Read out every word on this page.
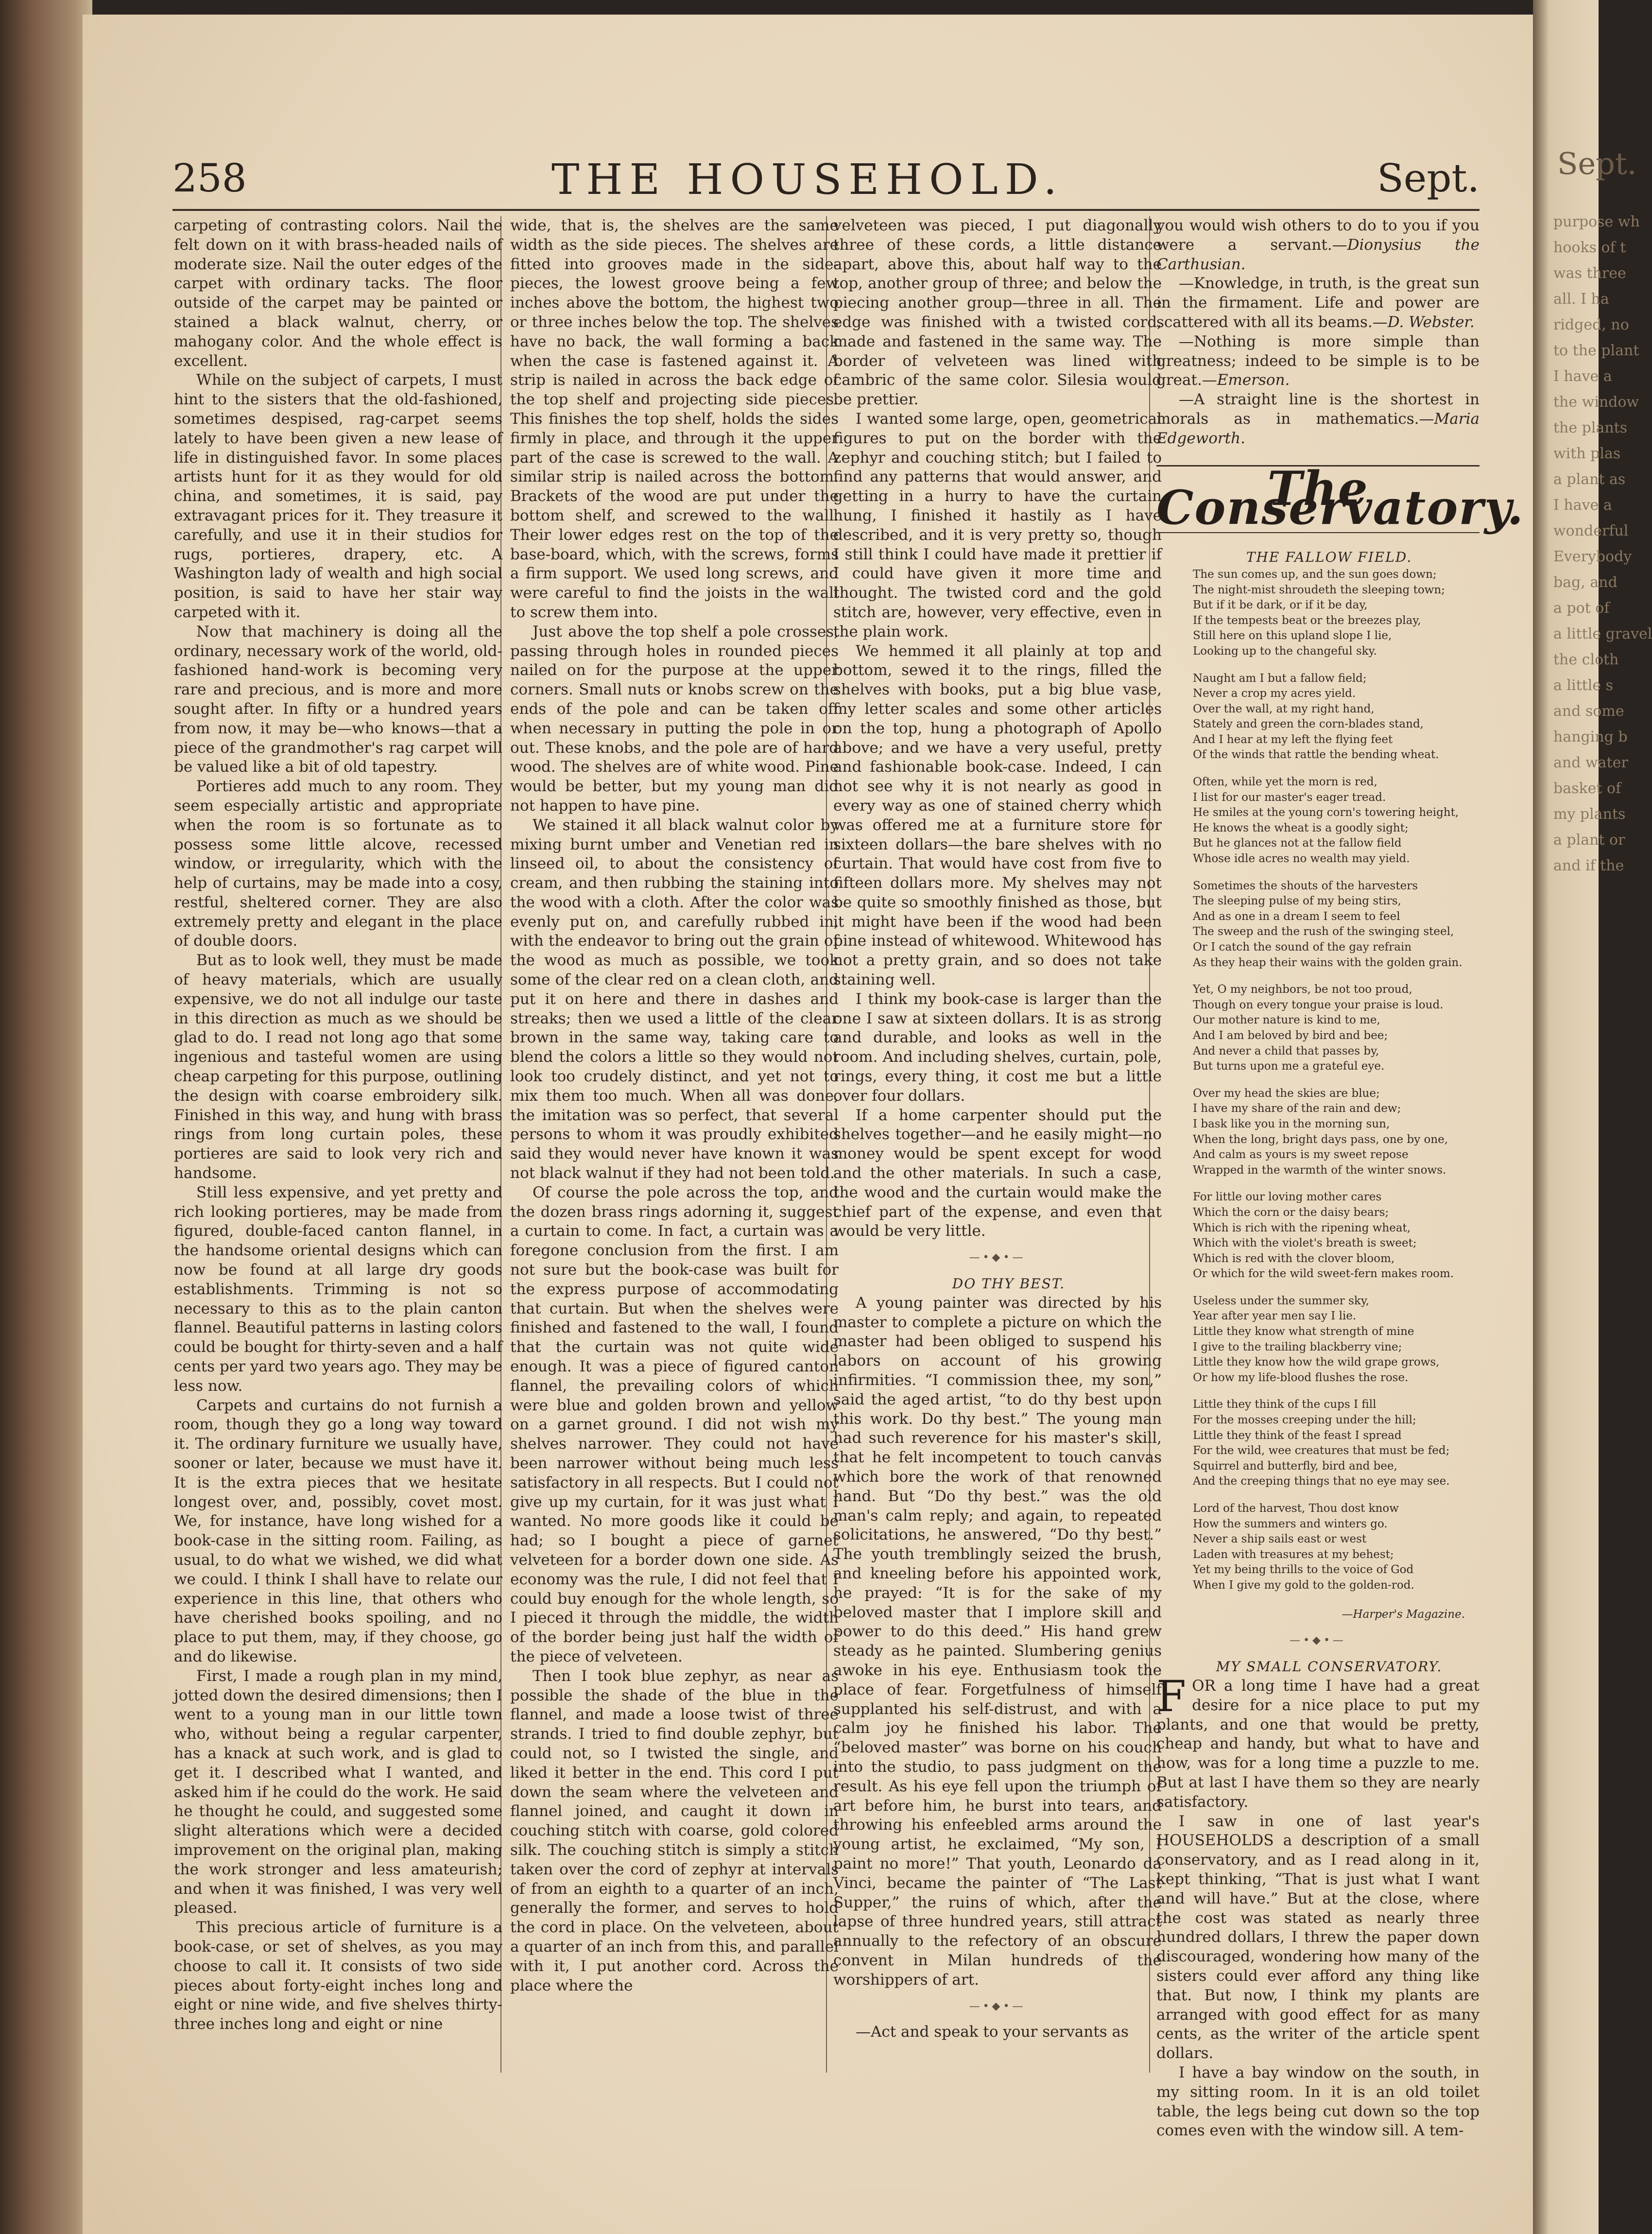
Sept.
purpose wh
hooks of t
was three
all. I ha
ridged, no
to the plant
I have a
the window
the plants
with plas
a plant as
I have a
wonderful
Everybody
bag, and
a pot of
a little gravel
the cloth
a little s
and some
hanging b
and water
basket of
my plants
a plant or
and if the
258	THE HOUSEHOLD.	Sept.

carpeting of contrasting colors. Nail the felt down on it with brass-headed nails of moderate size. Nail the outer edges of the carpet with ordinary tacks. The floor outside of the carpet may be painted or stained a black walnut, cherry, or mahogany color. And the whole effect is excellent.

While on the subject of carpets, I must hint to the sisters that the old-fashioned, sometimes despised, rag-carpet seems lately to have been given a new lease of life in distinguished favor. In some places artists hunt for it as they would for old china, and sometimes, it is said, pay extravagant prices for it. They treasure it carefully, and use it in their studios for rugs, portieres, drapery, etc. A Washington lady of wealth and high social position, is said to have her stair way carpeted with it.

Now that machinery is doing all the ordinary, necessary work of the world, old-fashioned hand-work is becoming very rare and precious, and is more and more sought after. In fifty or a hundred years from now, it may be—who knows—that a piece of the grandmother's rag carpet will be valued like a bit of old tapestry.

Portieres add much to any room. They seem especially artistic and appropriate when the room is so fortunate as to possess some little alcove, recessed window, or irregularity, which with the help of curtains, may be made into a cosy, restful, sheltered corner. They are also extremely pretty and elegant in the place of double doors.

But as to look well, they must be made of heavy materials, which are usually expensive, we do not all indulge our taste in this direction as much as we should be glad to do. I read not long ago that some ingenious and tasteful women are using cheap carpeting for this purpose, outlining the design with coarse embroidery silk. Finished in this way, and hung with brass rings from long curtain poles, these portieres are said to look very rich and handsome.

Still less expensive, and yet pretty and rich looking portieres, may be made from figured, double-faced canton flannel, in the handsome oriental designs which can now be found at all large dry goods establishments. Trimming is not so necessary to this as to the plain canton flannel. Beautiful patterns in lasting colors could be bought for thirty-seven and a half cents per yard two years ago. They may be less now.

Carpets and curtains do not furnish a room, though they go a long way toward it. The ordinary furniture we usually have, sooner or later, because we must have it. It is the extra pieces that we hesitate longest over, and, possibly, covet most. We, for instance, have long wished for a book-case in the sitting room. Failing, as usual, to do what we wished, we did what we could. I think I shall have to relate our experience in this line, that others who have cherished books spoiling, and no place to put them, may, if they choose, go and do likewise.

First, I made a rough plan in my mind, jotted down the desired dimensions; then I went to a young man in our little town who, without being a regular carpenter, has a knack at such work, and is glad to get it. I described what I wanted, and asked him if he could do the work. He said he thought he could, and suggested some slight alterations which were a decided improvement on the original plan, making the work stronger and less amateurish; and when it was finished, I was very well pleased.

This precious article of furniture is a book-case, or set of shelves, as you may choose to call it. It consists of two side pieces about forty-eight inches long and eight or nine wide, and five shelves thirty-three inches long and eight or nine

wide, that is, the shelves are the same width as the side pieces. The shelves are fitted into grooves made in the side-pieces, the lowest groove being a few inches above the bottom, the highest two or three inches below the top. The shelves have no back, the wall forming a back when the case is fastened against it. A strip is nailed in across the back edge of the top shelf and projecting side pieces. This finishes the top shelf, holds the sides firmly in place, and through it the upper part of the case is screwed to the wall. A similar strip is nailed across the bottom. Brackets of the wood are put under the bottom shelf, and screwed to the wall. Their lower edges rest on the top of the base-board, which, with the screws, forms a firm support. We used long screws, and were careful to find the joists in the wall to screw them into.

Just above the top shelf a pole crosses, passing through holes in rounded pieces nailed on for the purpose at the upper corners. Small nuts or knobs screw on the ends of the pole and can be taken off when necessary in putting the pole in or out. These knobs, and the pole are of hard wood. The shelves are of white wood. Pine would be better, but my young man did not happen to have pine.

We stained it all black walnut color by mixing burnt umber and Venetian red in linseed oil, to about the consistency of cream, and then rubbing the staining into the wood with a cloth. After the color was evenly put on, and carefully rubbed in, with the endeavor to bring out the grain of the wood as much as possible, we took some of the clear red on a clean cloth, and put it on here and there in dashes and streaks; then we used a little of the clear brown in the same way, taking care to blend the colors a little so they would not look too crudely distinct, and yet not to mix them too much. When all was done, the imitation was so perfect, that several persons to whom it was proudly exhibited said they would never have known it was not black walnut if they had not been told.

Of course the pole across the top, and the dozen brass rings adorning it, suggest a curtain to come. In fact, a curtain was a foregone conclusion from the first. I am not sure but the book-case was built for the express purpose of accommodating that curtain. But when the shelves were finished and fastened to the wall, I found that the curtain was not quite wide enough. It was a piece of figured canton flannel, the prevailing colors of which were blue and golden brown and yellow on a garnet ground. I did not wish my shelves narrower. They could not have been narrower without being much less satisfactory in all respects. But I could not give up my curtain, for it was just what I wanted. No more goods like it could be had; so I bought a piece of garnet velveteen for a border down one side. As economy was the rule, I did not feel that I could buy enough for the whole length, so I pieced it through the middle, the width of the border being just half the width of the piece of velveteen.

Then I took blue zephyr, as near as possible the shade of the blue in the flannel, and made a loose twist of three strands. I tried to find double zephyr, but could not, so I twisted the single, and liked it better in the end. This cord I put down the seam where the velveteen and flannel joined, and caught it down in couching stitch with coarse, gold colored silk. The couching stitch is simply a stitch taken over the cord of zephyr at intervals of from an eighth to a quarter of an inch, generally the former, and serves to hold the cord in place. On the velveteen, about a quarter of an inch from this, and parallel with it, I put another cord. Across the place where the

velveteen was pieced, I put diagonally three of these cords, a little distance apart, above this, about half way to the top, another group of three; and below the piecing another group—three in all. The edge was finished with a twisted cord, made and fastened in the same way. The border of velveteen was lined with cambric of the same color. Silesia would be prettier.

I wanted some large, open, geometrical figures to put on the border with the zephyr and couching stitch; but I failed to find any patterns that would answer, and getting in a hurry to have the curtain hung, I finished it hastily as I have described, and it is very pretty so, though I still think I could have made it prettier if I could have given it more time and thought. The twisted cord and the gold stitch are, however, very effective, even in the plain work.

We hemmed it all plainly at top and bottom, sewed it to the rings, filled the shelves with books, put a big blue vase, my letter scales and some other articles on the top, hung a photograph of Apollo above; and we have a very useful, pretty and fashionable book-case. Indeed, I can not see why it is not nearly as good in every way as one of stained cherry which was offered me at a furniture store for sixteen dollars—the bare shelves with no curtain. That would have cost from five to fifteen dollars more. My shelves may not be quite so smoothly finished as those, but it might have been if the wood had been pine instead of whitewood. Whitewood has not a pretty grain, and so does not take staining well.

I think my book-case is larger than the one I saw at sixteen dollars. It is as strong and durable, and looks as well in the room. And including shelves, curtain, pole, rings, every thing, it cost me but a little over four dollars.

If a home carpenter should put the shelves together—and he easily might—no money would be spent except for wood and the other materials. In such a case, the wood and the curtain would make the chief part of the expense, and even that would be very little.

—•◆•—

DO THY BEST.

A young painter was directed by his master to complete a picture on which the master had been obliged to suspend his labors on account of his growing infirmities. “I commission thee, my son,” said the aged artist, “to do thy best upon this work. Do thy best.” The young man had such reverence for his master's skill, that he felt incompetent to touch canvas which bore the work of that renowned hand. But “Do thy best.” was the old man's calm reply; and again, to repeated solicitations, he answered, “Do thy best.” The youth tremblingly seized the brush, and kneeling before his appointed work, he prayed: “It is for the sake of my beloved master that I implore skill and power to do this deed.” His hand grew steady as he painted. Slumbering genius awoke in his eye. Enthusiasm took the place of fear. Forgetfulness of himself supplanted his self-distrust, and with a calm joy he finished his labor. The “beloved master” was borne on his couch into the studio, to pass judgment on the result. As his eye fell upon the triumph of art before him, he burst into tears, and throwing his enfeebled arms around the young artist, he exclaimed, “My son, I paint no more!” That youth, Leonardo da Vinci, became the painter of “The Last Supper,” the ruins of which, after the lapse of three hundred years, still attract annually to the refectory of an obscure convent in Milan hundreds of the worshippers of art.

—•◆•—

—Act and speak to your servants as

you would wish others to do to you if you were a servant.—Dionysius the Carthusian.

—Knowledge, in truth, is the great sun in the firmament. Life and power are scattered with all its beams.—D. Webster.

—Nothing is more simple than greatness; indeed to be simple is to be great.—Emerson.

—A straight line is the shortest in morals as in mathematics.—Maria Edgeworth.

The Conservatory.

THE FALLOW FIELD.

The sun comes up, and the sun goes down;
The night-mist shroudeth the sleeping town;
But if it be dark, or if it be day,
If the tempests beat or the breezes play,
Still here on this upland slope I lie,
Looking up to the changeful sky.
Naught am I but a fallow field;
Never a crop my acres yield.
Over the wall, at my right hand,
Stately and green the corn-blades stand,
And I hear at my left the flying feet
Of the winds that rattle the bending wheat.
Often, while yet the morn is red,
I list for our master's eager tread.
He smiles at the young corn's towering height,
He knows the wheat is a goodly sight;
But he glances not at the fallow field
Whose idle acres no wealth may yield.
Sometimes the shouts of the harvesters
The sleeping pulse of my being stirs,
And as one in a dream I seem to feel
The sweep and the rush of the swinging steel,
Or I catch the sound of the gay refrain
As they heap their wains with the golden grain.
Yet, O my neighbors, be not too proud,
Though on every tongue your praise is loud.
Our mother nature is kind to me,
And I am beloved by bird and bee;
And never a child that passes by,
But turns upon me a grateful eye.
Over my head the skies are blue;
I have my share of the rain and dew;
I bask like you in the morning sun,
When the long, bright days pass, one by one,
And calm as yours is my sweet repose
Wrapped in the warmth of the winter snows.
For little our loving mother cares
Which the corn or the daisy bears;
Which is rich with the ripening wheat,
Which with the violet's breath is sweet;
Which is red with the clover bloom,
Or which for the wild sweet-fern makes room.
Useless under the summer sky,
Year after year men say I lie.
Little they know what strength of mine
I give to the trailing blackberry vine;
Little they know how the wild grape grows,
Or how my life-blood flushes the rose.
Little they think of the cups I fill
For the mosses creeping under the hill;
Little they think of the feast I spread
For the wild, wee creatures that must be fed;
Squirrel and butterfly, bird and bee,
And the creeping things that no eye may see.
Lord of the harvest, Thou dost know
How the summers and winters go.
Never a ship sails east or west
Laden with treasures at my behest;
Yet my being thrills to the voice of God
When I give my gold to the golden-rod.

—Harper's Magazine.

—•◆•—

MY SMALL CONSERVATORY.

FOR a long time I have had a great desire for a nice place to put my plants, and one that would be pretty, cheap and handy, but what to have and how, was for a long time a puzzle to me. But at last I have them so they are nearly satisfactory.

I saw in one of last year's HOUSEHOLDS a description of a small conservatory, and as I read along in it, kept thinking, “That is just what I want and will have.” But at the close, where the cost was stated as nearly three hundred dollars, I threw the paper down discouraged, wondering how many of the sisters could ever afford any thing like that. But now, I think my plants are arranged with good effect for as many cents, as the writer of the article spent dollars.

I have a bay window on the south, in my sitting room. In it is an old toilet table, the legs being cut down so the top comes even with the window sill. A tem-
